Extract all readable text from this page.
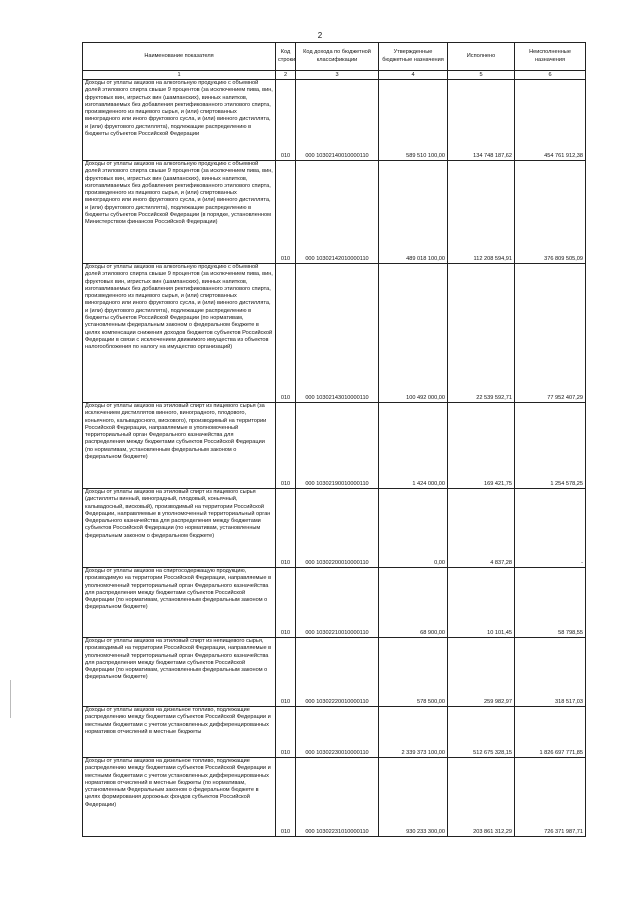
2
Наименование показателя	Код строки	Код дохода по бюджетной классификации	Утвержденные бюджетные назначения	Исполнено	Неисполненные назначения
1	2	3	4	5	6
Доходы от уплаты акцизов на алкогольную продукцию с объемной долей этилового спирта свыше 9 процентов (за исключением пива, вин, фруктовых вин, игристых вин (шампанских), винных напитков, изготавливаемых без добавления ректификованного этилового спирта, произведенного из пищевого сырья, и (или) спиртованных виноградного или иного фруктового сусла, и (или) винного дистиллята, и (или) фруктового дистиллята), подлежащие распределению в бюджеты субъектов Российской Федерации	010	000 10302140010000110	589 510 100,00	134 748 187,62	454 761 912,38
Доходы от уплаты акцизов на алкогольную продукцию с объемной долей этилового спирта свыше 9 процентов (за исключением пива, вин, фруктовых вин, игристых вин (шампанских), винных напитков, изготавливаемых без добавления ректификованного этилового спирта, произведенного из пищевого сырья, и (или) спиртованных виноградного или иного фруктового сусла, и (или) винного дистиллята, и (или) фруктового дистиллята), подлежащие распределению в бюджеты субъектов Российской Федерации (в порядке, установленном Министерством финансов Российской Федерации)	010	000 10302142010000110	489 018 100,00	112 208 594,91	376 809 505,09
Доходы от уплаты акцизов на алкогольную продукцию с объемной долей этилового спирта свыше 9 процентов (за исключением пива, вин, фруктовых вин, игристых вин (шампанских), винных напитков, изготавливаемых без добавления ректификованного этилового спирта, произведенного из пищевого сырья, и (или) спиртованных виноградного или иного фруктового сусла, и (или) винного дистиллята, и (или) фруктового дистиллята), подлежащие распределению в бюджеты субъектов Российской Федерации (по нормативам, установленным федеральным законом о федеральном бюджете в целях компенсации снижения доходов бюджетов субъектов Российской Федерации в связи с исключением движимого имущества из объектов налогообложения по налогу на имущество организаций)	010	000 10302143010000110	100 492 000,00	22 539 592,71	77 952 407,29
Доходы от уплаты акцизов на этиловый спирт из пищевого сырья (за исключением дистиллятов винного, виноградного, плодового, коньячного, кальвадосного, вискового), производимый на территории Российской Федерации, направляемые в уполномоченный территориальный орган Федерального казначейства для распределения между бюджетами субъектов Российской Федерации (по нормативам, установленным федеральным законом о федеральном бюджете)	010	000 10302190010000110	1 424 000,00	169 421,75	1 254 578,25
Доходы от уплаты акцизов на этиловый спирт из пищевого сырья (дистилляты винный, виноградный, плодовый, коньячный, кальвадосный, висковый), производимый на территории Российской Федерации, направляемые в уполномоченный территориальный орган Федерального казначейства для распределения между бюджетами субъектов Российской Федерации (по нормативам, установленным федеральным законом о федеральном бюджете)	010	000 10302200010000110	0,00	4 837,28	-
Доходы от уплаты акцизов на спиртосодержащую продукцию, производимую на территории Российской Федерации, направляемые в уполномоченный территориальный орган Федерального казначейства для распределения между бюджетами субъектов Российской Федерации (по нормативам, установленным федеральным законом о федеральном бюджете)	010	000 10302210010000110	68 900,00	10 101,45	58 798,55
Доходы от уплаты акцизов на этиловый спирт из непищевого сырья, производимый на территории Российской Федерации, направляемые в уполномоченный территориальный орган Федерального казначейства для распределения между бюджетами субъектов Российской Федерации (по нормативам, установленным федеральным законом о федеральном бюджете)	010	000 10302220010000110	578 500,00	259 982,97	318 517,03
Доходы от уплаты акцизов на дизельное топливо, подлежащие распределению между бюджетами субъектов Российской Федерации и местными бюджетами с учетом установленных дифференцированных нормативов отчислений в местные бюджеты	010	000 10302230010000110	2 339 373 100,00	512 675 328,15	1 826 697 771,85
Доходы от уплаты акцизов на дизельное топливо, подлежащие распределению между бюджетами субъектов Российской Федерации и местными бюджетами с учетом установленных дифференцированных нормативов отчислений в местные бюджеты (по нормативам, установленным Федеральным законом о федеральном бюджете в целях формирования дорожных фондов субъектов Российской Федерации)	010	000 10302231010000110	930 233 300,00	203 861 312,29	726 371 987,71
